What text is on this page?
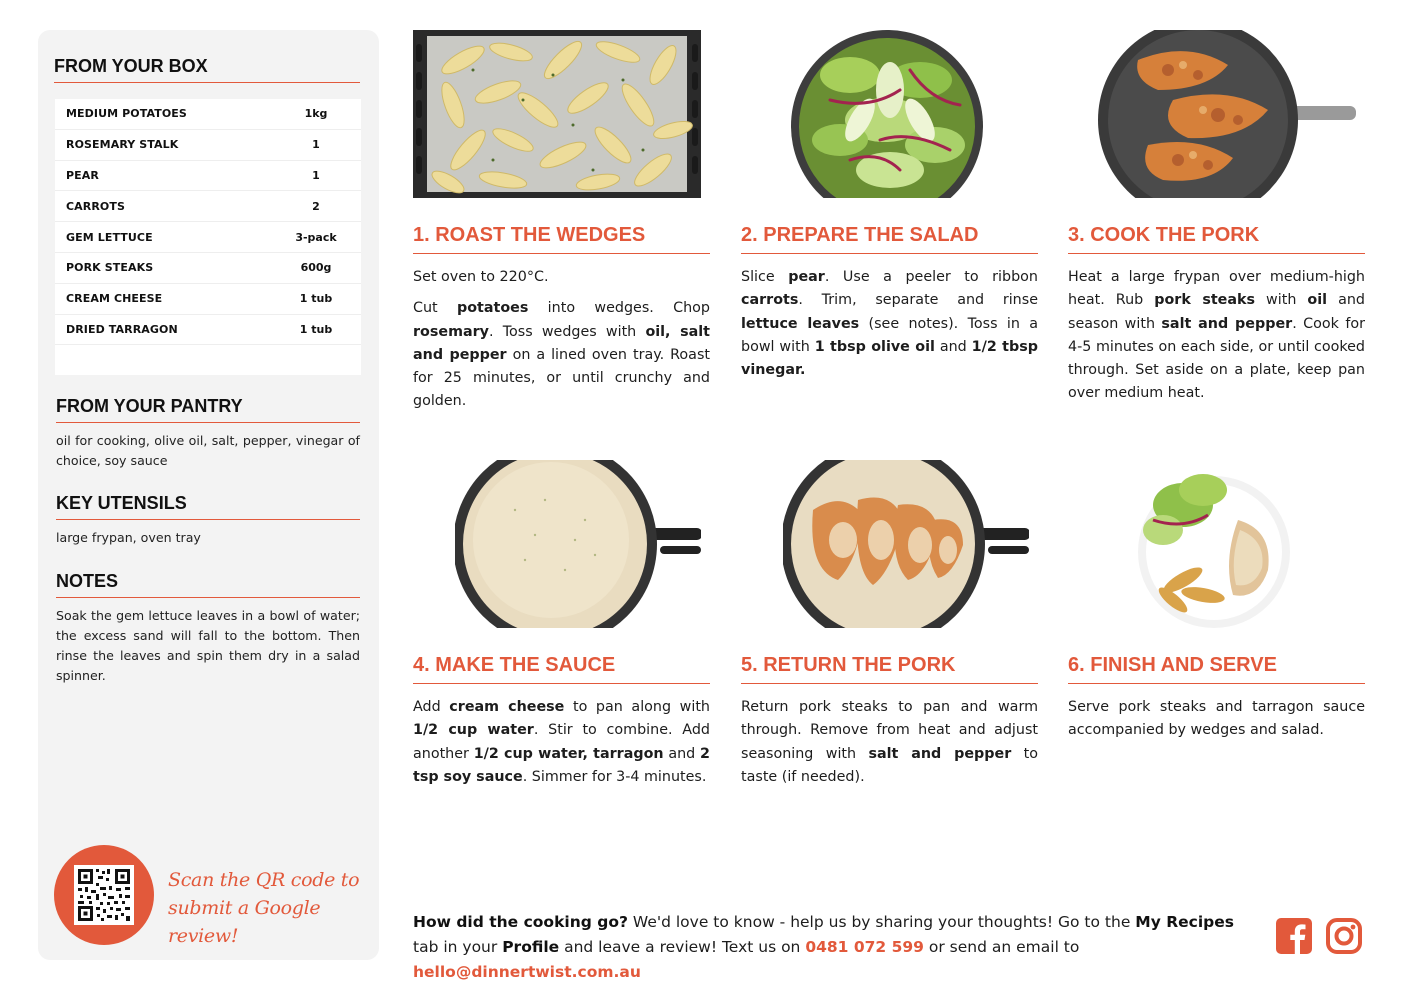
FROM YOUR BOX
MEDIUM POTATOES	1kg
ROSEMARY STALK	1
PEAR	1
CARROTS	2
GEM LETTUCE	3-pack
PORK STEAKS	600g
CREAM CHEESE	1 tub
DRIED TARRAGON	1 tub
FROM YOUR PANTRY

oil for cooking, olive oil, salt, pepper, vinegar of choice, soy sauce

KEY UTENSILS

large frypan, oven tray

NOTES

Soak the gem lettuce leaves in a bowl of water; the excess sand will fall to the bottom. Then rinse the leaves and spin them dry in a salad spinner.

Scan the QR code to
submit a Google review!
1. ROAST THE WEDGES

Set oven to 220°C.

Cut potatoes into wedges. Chop rosemary. Toss wedges with oil, salt and pepper on a lined oven tray. Roast for 25 minutes, or until crunchy and golden.

2. PREPARE THE SALAD

Slice pear. Use a peeler to ribbon carrots. Trim, separate and rinse lettuce leaves (see notes). Toss in a bowl with 1 tbsp olive oil and 1/2 tbsp vinegar.

3. COOK THE PORK

Heat a large frypan over medium-high heat. Rub pork steaks with oil and season with salt and pepper. Cook for 4-5 minutes on each side, or until cooked through. Set aside on a plate, keep pan over medium heat.

4. MAKE THE SAUCE

Add cream cheese to pan along with 1/2 cup water. Stir to combine. Add another 1/2 cup water, tarragon and 2 tsp soy sauce. Simmer for 3-4 minutes.

5. RETURN THE PORK

Return pork steaks to pan and warm through. Remove from heat and adjust seasoning with salt and pepper to taste (if needed).

6. FINISH AND SERVE

Serve pork steaks and tarragon sauce accompanied by wedges and salad.

How did the cooking go? We'd love to know - help us by sharing your thoughts! Go to the My Recipes tab in your Profile and leave a review! Text us on 0481 072 599 or send an email to hello@dinnertwist.com.au
